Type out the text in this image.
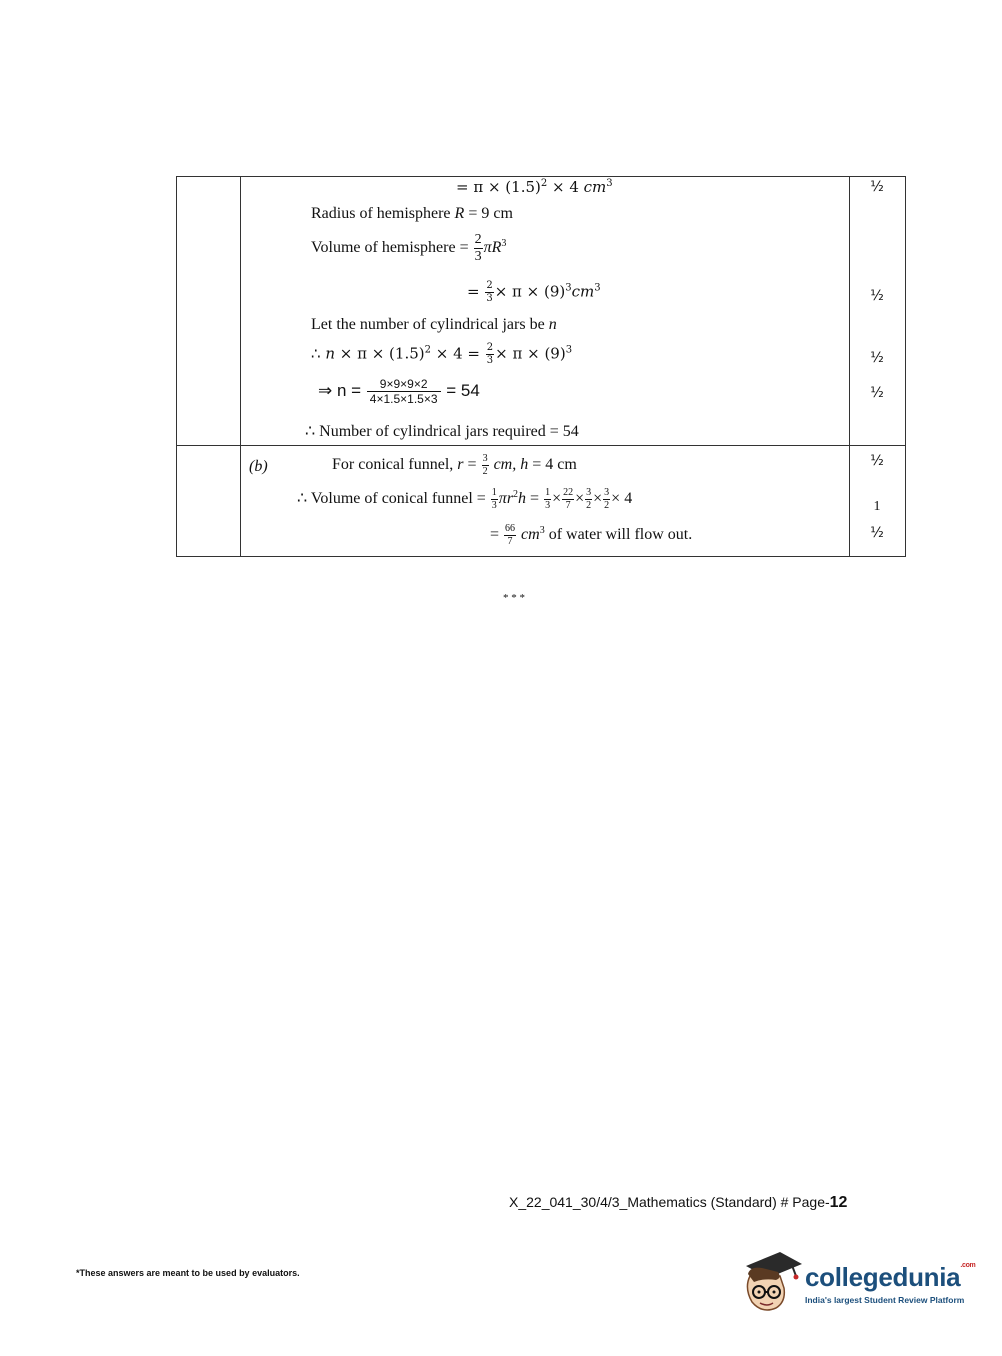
= $\pi \times (1.5)^2 \times 4$ $cm^3$
Radius of hemisphere R = 9 cm
Volume of hemisphere = $\frac{2}{3} \pi R^3$
= $\frac{2}{3} \times \pi \times (9)^3cm^3$
Let the number of cylindrical jars be n
∴ $n \times \pi \times (1.5)^2 \times 4 = \frac{2}{3} \times \pi \times (9)^3$
⇒ $n = \frac{9\times 9\times 9\times 2}{4\times 1.5\times 1.5\times 3} = 54$
∴ Number of cylindrical jars required = 54
(b)	For conical funnel, $r = \frac{3}{2}$ cm, h = 4 cm
∴ Volume of conical funnel = $\frac{1}{3} \pi r^2h = \frac{1}{3} \times \frac{22}{7} \times \frac{3}{2} \times \frac{3}{2} \times 4$
= $\frac{66}{7} cm^3$ of water will flow out.
½
½
½
½
½
1
½
* * *
X_22_041_30/4/3_Mathematics (Standard) # Page-12
*These answers are meant to be used by evaluators.	collegedunia$^{.com}$
India's largest Student Review Platform
